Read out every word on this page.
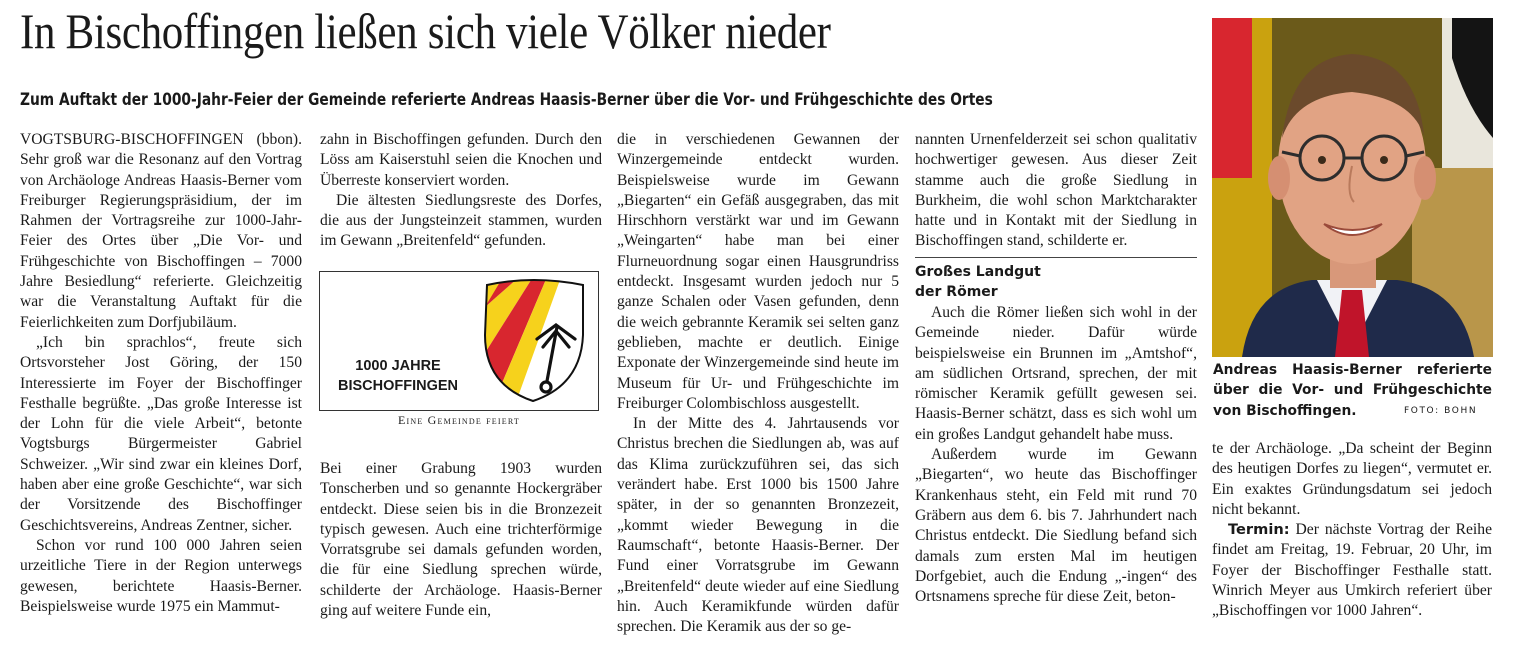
In Bischoffingen ließen sich viele Völker nieder
Zum Auftakt der 1000-Jahr-Feier der Gemeinde referierte Andreas Haasis-Berner über die Vor- und Frühgeschichte des Ortes

VOGTSBURG-BISCHOFFINGEN (bbon). Sehr groß war die Resonanz auf den Vortrag von Archäologe Andreas Haasis-Berner vom Freiburger Regierungspräsidium, der im Rahmen der Vortragsreihe zur 1000-Jahr-Feier des Ortes über „Die Vor- und Frühgeschichte von Bischoffingen – 7000 Jahre Besiedlung“ referierte. Gleichzeitig war die Veranstaltung Auftakt für die Feierlichkeiten zum Dorfjubiläum.

„Ich bin sprachlos“, freute sich Ortsvorsteher Jost Göring, der 150 Interessierte im Foyer der Bischoffinger Festhalle begrüßte. „Das große Interesse ist der Lohn für die viele Arbeit“, betonte Vogtsburgs Bürgermeister Gabriel Schweizer. „Wir sind zwar ein kleines Dorf, haben aber eine große Geschichte“, war sich der Vorsitzende des Bischoffinger Geschichtsvereins, Andreas Zentner, sicher.

Schon vor rund 100 000 Jahren seien urzeitliche Tiere in der Region unterwegs gewesen, berichtete Haasis-Berner. Beispielsweise wurde 1975 ein Mammut-

zahn in Bischoffingen gefunden. Durch den Löss am Kaiserstuhl seien die Knochen und Überreste konserviert worden.

Die ältesten Siedlungsreste des Dorfes, die aus der Jungsteinzeit stammen, wurden im Gewann „Breitenfeld“ gefunden.

1000 JAHRE
BISCHOFFINGEN
Eine Gemeinde feiert

Bei einer Grabung 1903 wurden Tonscherben und so genannte Hockergräber entdeckt. Diese seien bis in die Bronzezeit typisch gewesen. Auch eine trichterförmige Vorratsgrube sei damals gefunden worden, die für eine Siedlung sprechen würde, schilderte der Archäologe. Haasis-Berner ging auf weitere Funde ein,

die in verschiedenen Gewannen der Winzergemeinde entdeckt wurden. Beispielsweise wurde im Gewann „Biegarten“ ein Gefäß ausgegraben, das mit Hirschhorn verstärkt war und im Gewann „Weingarten“ habe man bei einer Flurneuordnung sogar einen Hausgrundriss entdeckt. Insgesamt wurden jedoch nur 5 ganze Schalen oder Vasen gefunden, denn die weich gebrannte Keramik sei selten ganz geblieben, machte er deutlich. Einige Exponate der Winzergemeinde sind heute im Museum für Ur- und Frühgeschichte im Freiburger Colombischloss ausgestellt.

In der Mitte des 4. Jahrtausends vor Christus brechen die Siedlungen ab, was auf das Klima zurückzuführen sei, das sich verändert habe. Erst 1000 bis 1500 Jahre später, in der so genannten Bronzezeit, „kommt wieder Bewegung in die Raumschaft“, betonte Haasis-Berner. Der Fund einer Vorratsgrube im Gewann „Breitenfeld“ deute wieder auf eine Siedlung hin. Auch Keramikfunde würden dafür sprechen. Die Keramik aus der so ge-

nannten Urnenfelderzeit sei schon qualitativ hochwertiger gewesen. Aus dieser Zeit stamme auch die große Siedlung in Burkheim, die wohl schon Marktcharakter hatte und in Kontakt mit der Siedlung in Bischoffingen stand, schilderte er.

Großes Landgut

der Römer

Auch die Römer ließen sich wohl in der Gemeinde nieder. Dafür würde beispielsweise ein Brunnen im „Amtshof“, am südlichen Ortsrand, sprechen, der mit römischer Keramik gefüllt gewesen sei. Haasis-Berner schätzt, dass es sich wohl um ein großes Landgut gehandelt habe muss.

Außerdem wurde im Gewann „Biegarten“, wo heute das Bischoffinger Krankenhaus steht, ein Feld mit rund 70 Gräbern aus dem 6. bis 7. Jahrhundert nach Christus entdeckt. Die Siedlung befand sich damals zum ersten Mal im heutigen Dorfgebiet, auch die Endung „-ingen“ des Ortsnamens spreche für diese Zeit, beton-

Andreas Haasis-Berner referierte über die Vor- und Frühgeschichte von Bischoffingen.	FOTO: BOHN

te der Archäologe. „Da scheint der Beginn des heutigen Dorfes zu liegen“, vermutet er. Ein exaktes Gründungsdatum sei jedoch nicht bekannt.

Termin: Der nächste Vortrag der Reihe findet am Freitag, 19. Februar, 20 Uhr, im Foyer der Bischoffinger Festhalle statt. Winrich Meyer aus Umkirch referiert über „Bischoffingen vor 1000 Jahren“.
